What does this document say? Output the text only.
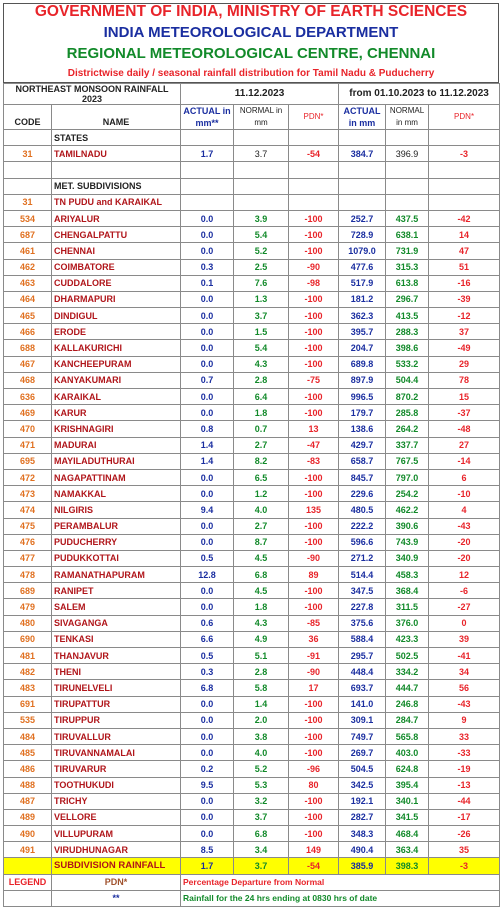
GOVERNMENT OF INDIA, MINISTRY OF EARTH SCIENCES
INDIA METEOROLOGICAL DEPARTMENT
REGIONAL METEOROLOGICAL CENTRE, CHENNAI
Districtwise daily / seasonal rainfall distribution for Tamil Nadu & Puducherry
NORTHEAST MONSOON RAINFALL 2023		11.12.2023			from 01.10.2023 to 11.12.2023		
CODE	NAME	ACTUAL in mm**	NORMAL in mm	PDN*	ACTUAL in mm	NORMAL in mm	PDN*
	STATES						
31	TAMILNADU	1.7	3.7	-54	384.7	396.9	-3

	MET. SUBDIVISIONS						
31	TN PUDU and KARAIKAL						
534	ARIYALUR	0.0	3.9	-100	252.7	437.5	-42
687	CHENGALPATTU	0.0	5.4	-100	728.9	638.1	14
461	CHENNAI	0.0	5.2	-100	1079.0	731.9	47
462	COIMBATORE	0.3	2.5	-90	477.6	315.3	51
463	CUDDALORE	0.1	7.6	-98	517.9	613.8	-16
464	DHARMAPURI	0.0	1.3	-100	181.2	296.7	-39
465	DINDIGUL	0.0	3.7	-100	362.3	413.5	-12
466	ERODE	0.0	1.5	-100	395.7	288.3	37
688	KALLAKURICHI	0.0	5.4	-100	204.7	398.6	-49
467	KANCHEEPURAM	0.0	4.3	-100	689.8	533.2	29
468	KANYAKUMARI	0.7	2.8	-75	897.9	504.4	78
636	KARAIKAL	0.0	6.4	-100	996.5	870.2	15
469	KARUR	0.0	1.8	-100	179.7	285.8	-37
470	KRISHNAGIRI	0.8	0.7	13	138.6	264.2	-48
471	MADURAI	1.4	2.7	-47	429.7	337.7	27
695	MAYILADUTHURAI	1.4	8.2	-83	658.7	767.5	-14
472	NAGAPATTINAM	0.0	6.5	-100	845.7	797.0	6
473	NAMAKKAL	0.0	1.2	-100	229.6	254.2	-10
474	NILGIRIS	9.4	4.0	135	480.5	462.2	4
475	PERAMBALUR	0.0	2.7	-100	222.2	390.6	-43
476	PUDUCHERRY	0.0	8.7	-100	596.6	743.9	-20
477	PUDUKKOTTAI	0.5	4.5	-90	271.2	340.9	-20
478	RAMANATHAPURAM	12.8	6.8	89	514.4	458.3	12
689	RANIPET	0.0	4.5	-100	347.5	368.4	-6
479	SALEM	0.0	1.8	-100	227.8	311.5	-27
480	SIVAGANGA	0.6	4.3	-85	375.6	376.0	0
690	TENKASI	6.6	4.9	36	588.4	423.3	39
481	THANJAVUR	0.5	5.1	-91	295.7	502.5	-41
482	THENI	0.3	2.8	-90	448.4	334.2	34
483	TIRUNELVELI	6.8	5.8	17	693.7	444.7	56
691	TIRUPATTUR	0.0	1.4	-100	141.0	246.8	-43
535	TIRUPPUR	0.0	2.0	-100	309.1	284.7	9
484	TIRUVALLUR	0.0	3.8	-100	749.7	565.8	33
485	TIRUVANNAMALAI	0.0	4.0	-100	269.7	403.0	-33
486	TIRUVARUR	0.2	5.2	-96	504.5	624.8	-19
488	TOOTHUKUDI	9.5	5.3	80	342.5	395.4	-13
487	TRICHY	0.0	3.2	-100	192.1	340.1	-44
489	VELLORE	0.0	3.7	-100	282.7	341.5	-17
490	VILLUPURAM	0.0	6.8	-100	348.3	468.4	-26
491	VIRUDHUNAGAR	8.5	3.4	149	490.4	363.4	35
	SUBDIVISION RAINFALL	1.7	3.7	-54	385.9	398.3	-3
LEGEND	PDN*	Percentage Departure from Normal					
	**	Rainfall for the 24 hrs ending at 0830 hrs of date					
